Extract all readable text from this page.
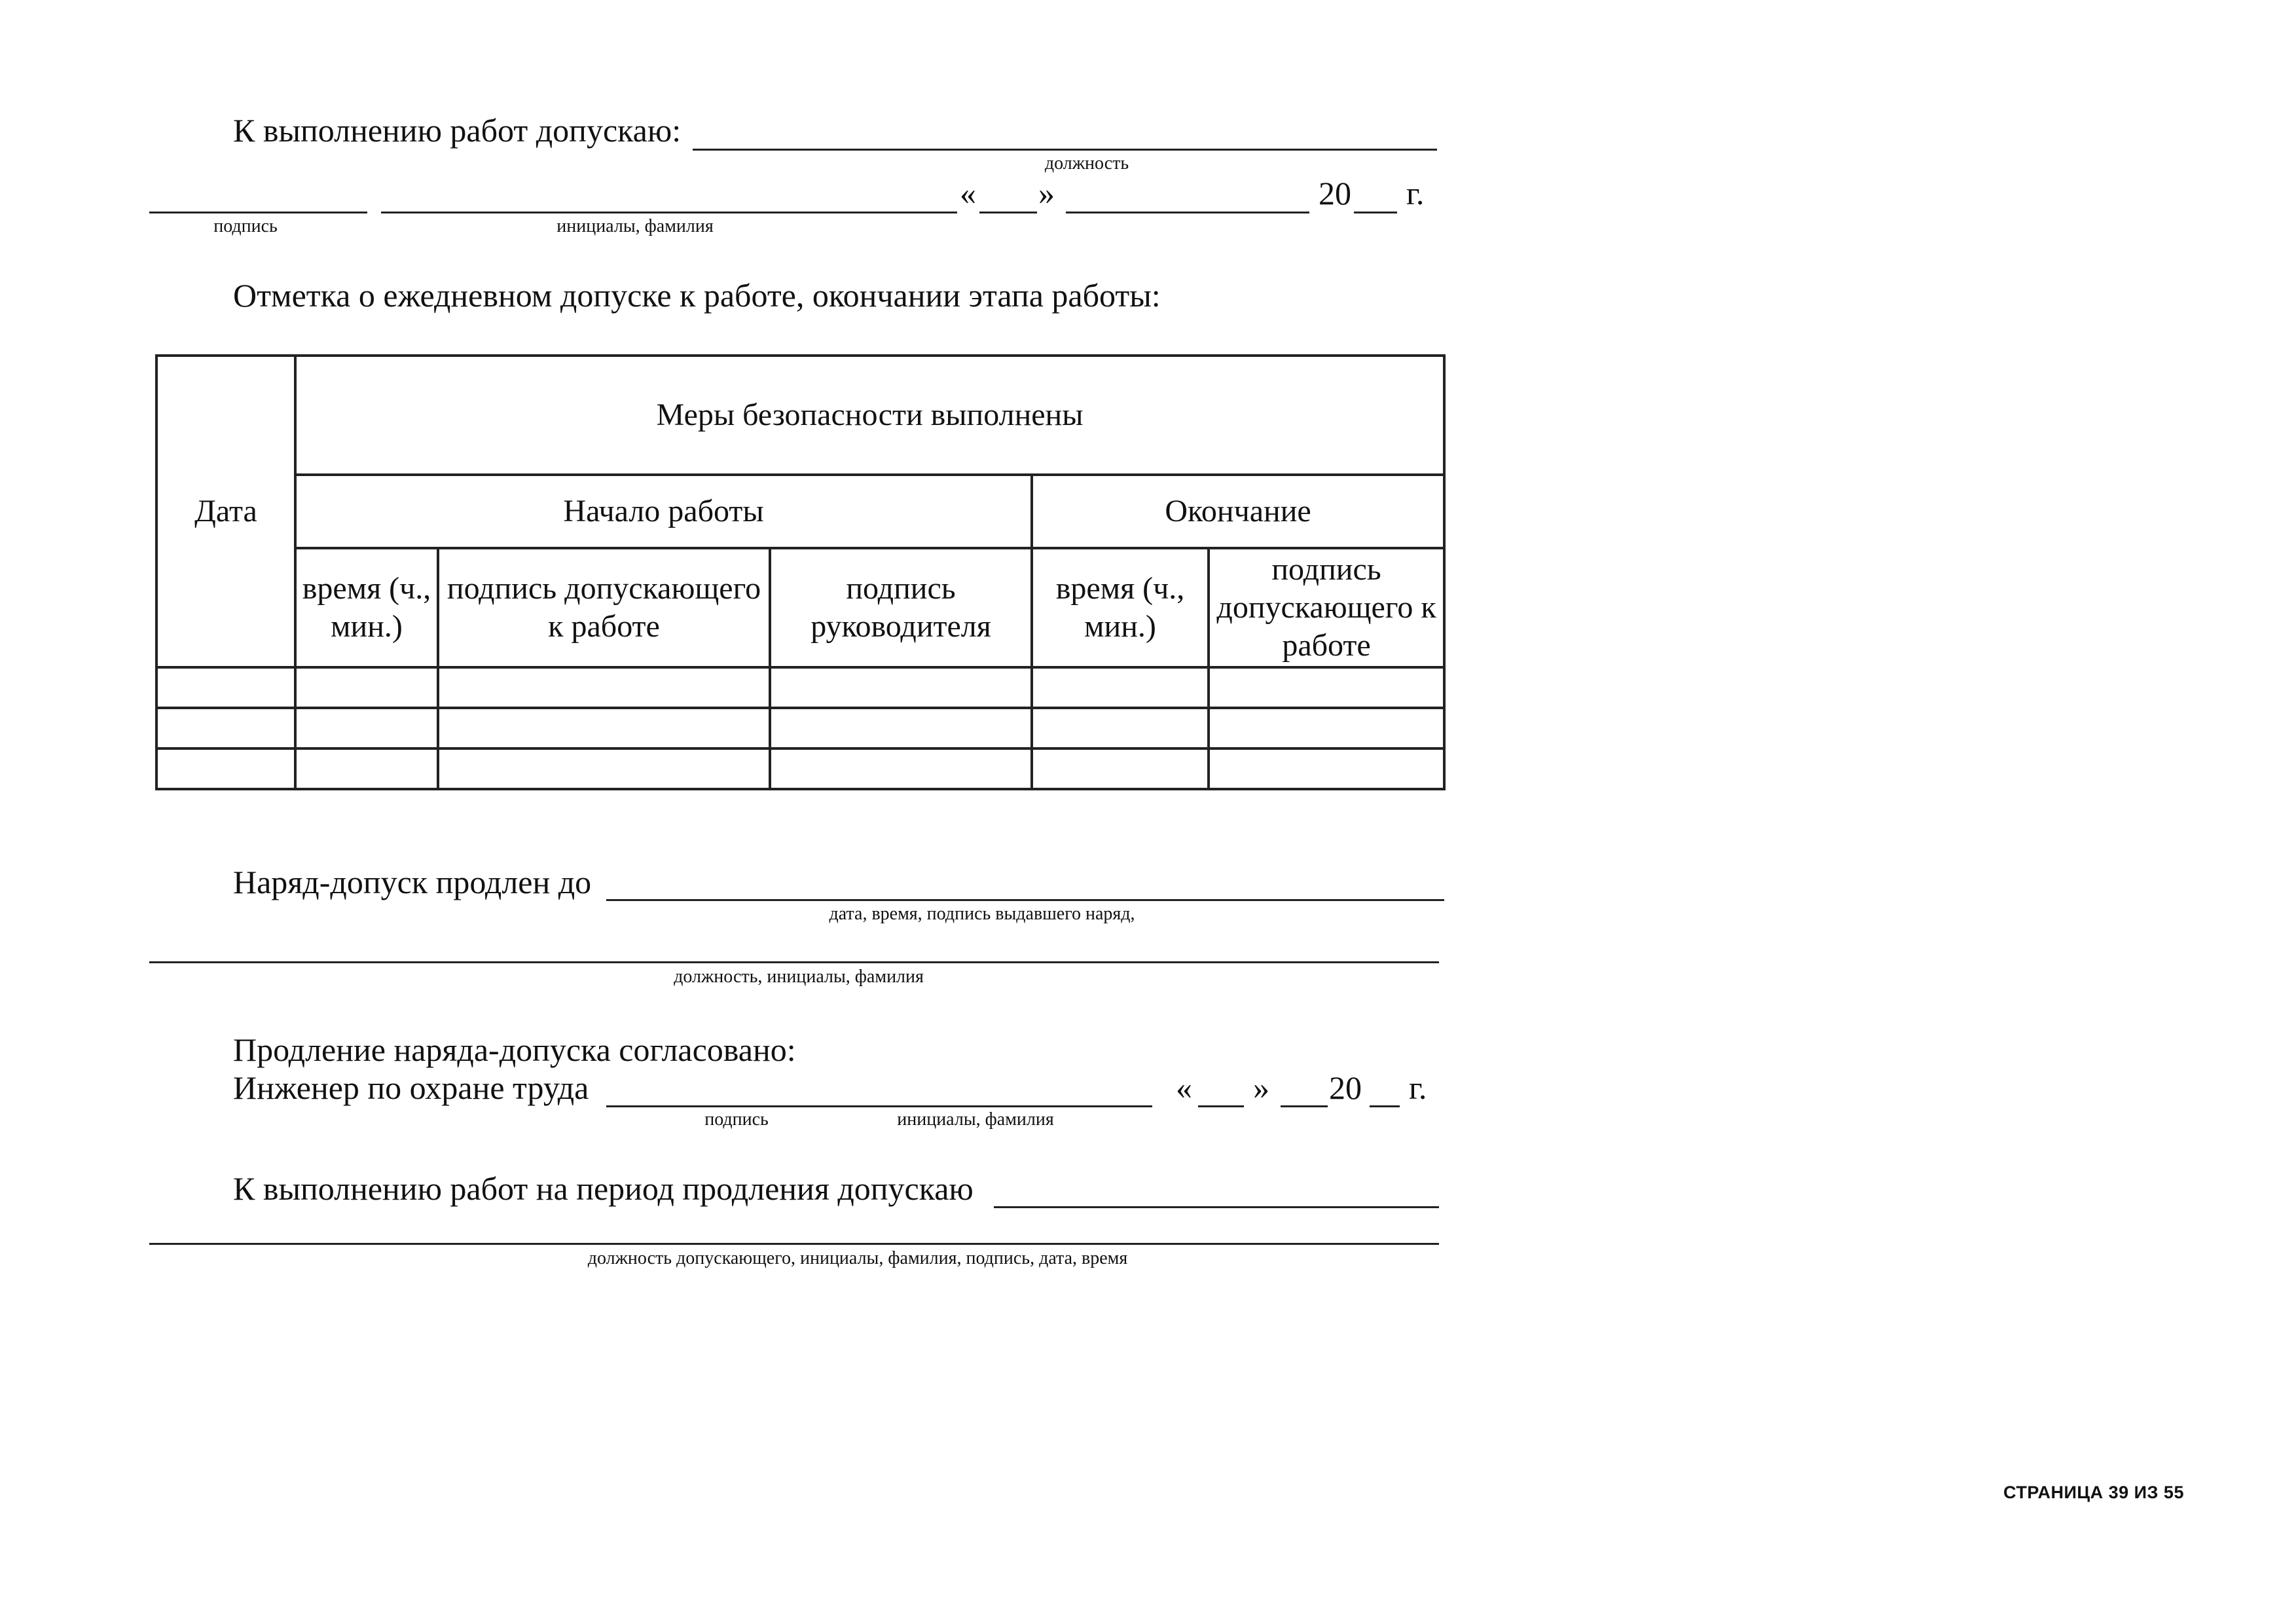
К выполнению работ допускаю:
должность
« »	20 г.
подпись	инициалы, фамилия
Отметка о ежедневном допуске к работе, окончании этапа работы:
Дата	Меры безопасности выполнены				
	Начало работы			Окончание	
	время (ч., мин.)	подпись допускающего к работе	подпись руководителя	время (ч., мин.)	подпись допускающего к работе

Наряд-допуск продлен до
дата, время, подпись выдавшего наряд,
должность, инициалы, фамилия
Продление наряда-допуска согласовано:
Инженер по охране труда	« » 20 г.
подпись	инициалы, фамилия
К выполнению работ на период продления допускаю
должность допускающего, инициалы, фамилия, подпись, дата, время
СТРАНИЦА 39 ИЗ 55
